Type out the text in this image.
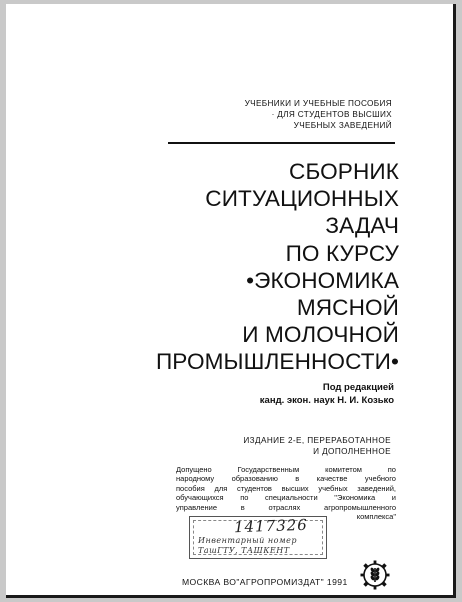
УЧЕБНИКИ И УЧЕБНЫЕ ПОСОБИЯ
· ДЛЯ СТУДЕНТОВ ВЫСШИХ
УЧЕБНЫХ ЗАВЕДЕНИЙ
СБОРНИК
СИТУАЦИОННЫХ
ЗАДАЧ
ПО КУРСУ
•ЭКОНОМИКА
МЯСНОЙ
И МОЛОЧНОЙ
ПРОМЫШЛЕННОСТИ•
Под редакцией
канд. экон. наук Н. И. Козько
ИЗДАНИЕ 2-Е, ПЕРЕРАБОТАННОЕ
И ДОПОЛНЕННОЕ
Допущено	Государственным	комитетом	по
народному образованию в качестве учебного
пособия для студентов высших учебных заведений,
обучающихся по специальности "Экономика и
управление	в	отраслях	агропромышленного
комплекса"
1417326
Инвентарный номер
ТашГТУ, ТАШКЕНТ
МОСКВА ВО"АГРОПРОМИЗДАТ" 1991
